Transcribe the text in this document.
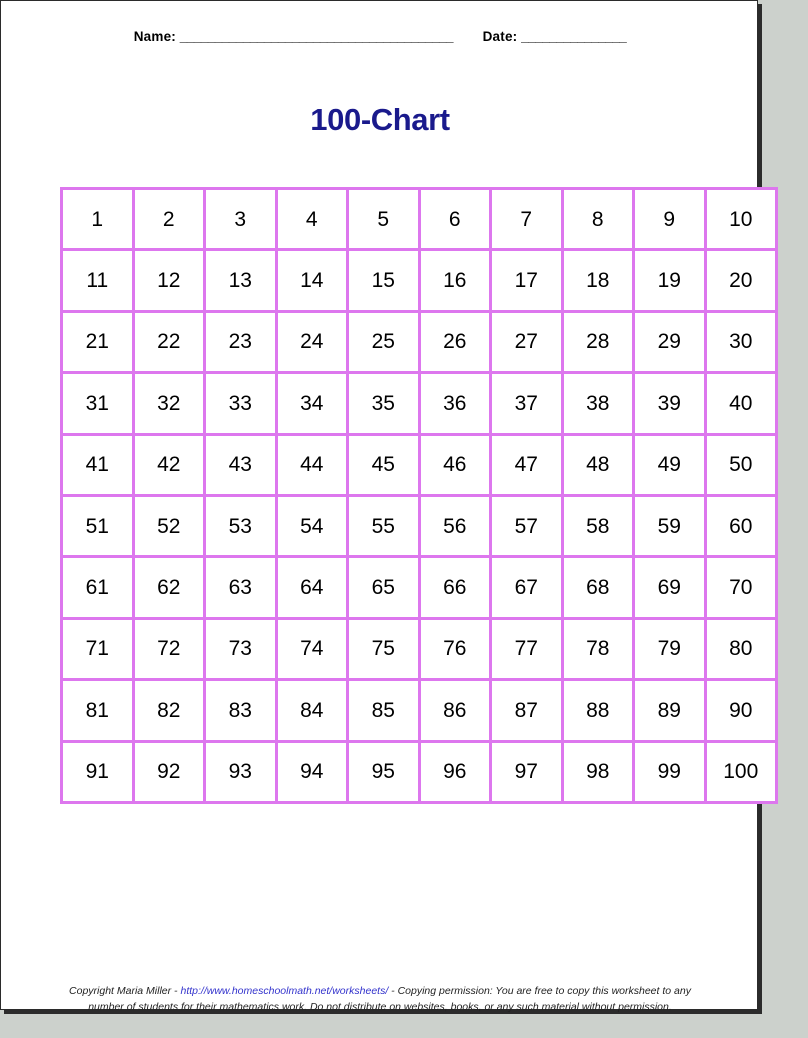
Name: _______________________________________ Date: _______________
100-Chart
1	2	3	4	5	6	7	8	9	10
11	12	13	14	15	16	17	18	19	20
21	22	23	24	25	26	27	28	29	30
31	32	33	34	35	36	37	38	39	40
41	42	43	44	45	46	47	48	49	50
51	52	53	54	55	56	57	58	59	60
61	62	63	64	65	66	67	68	69	70
71	72	73	74	75	76	77	78	79	80
81	82	83	84	85	86	87	88	89	90
91	92	93	94	95	96	97	98	99	100
Copyright Maria Miller - http://www.homeschoolmath.net/worksheets/ - Copying permission: You are free to copy this worksheet to any
number of students for their mathematics work. Do not distribute on websites, books, or any such material without permission.
